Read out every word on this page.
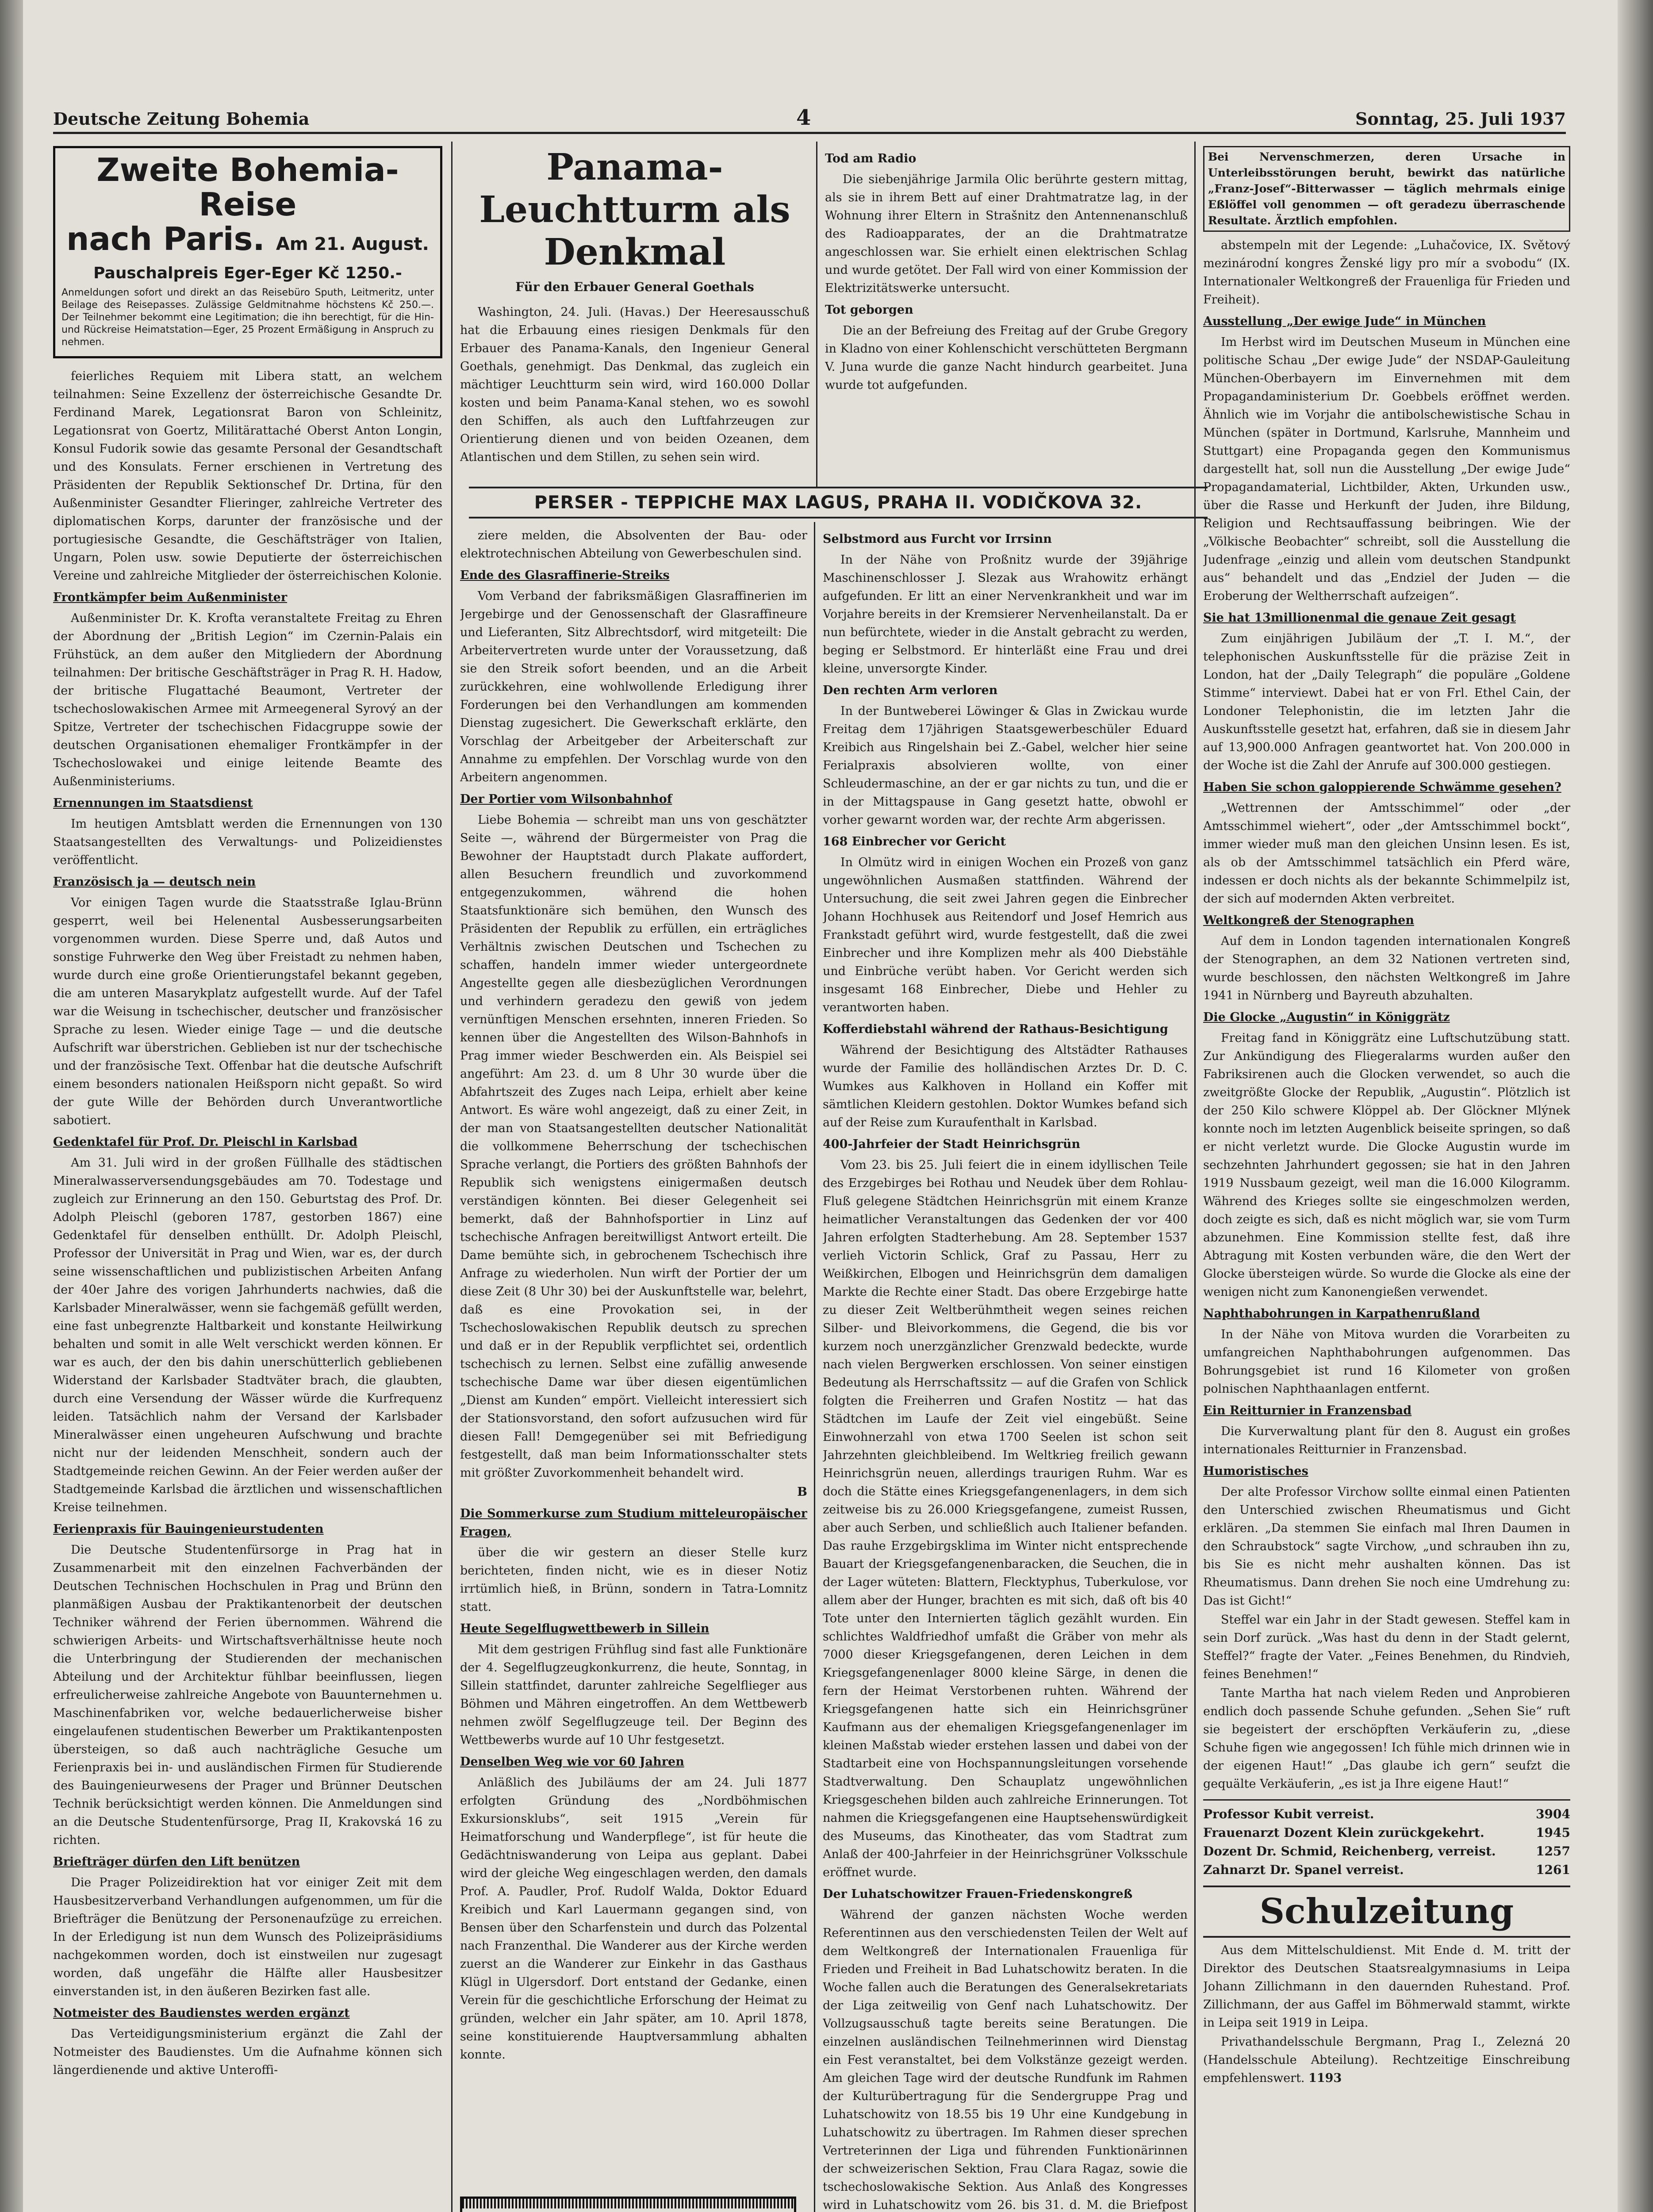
Deutsche Zeitung Bohemia	4	Sonntag, 25. Juli 1937
Zweite Bohemia-Reise
nach Paris. Am 21. August.
Pauschalpreis Eger-Eger Kč 1250.-
Anmeldungen sofort und direkt an das Reisebüro Sputh, Leitmeritz, unter Beilage des Reisepasses. Zulässige Geldmitnahme höchstens Kč 250.—. Der Teilnehmer bekommt eine Legitimation; die ihn berechtigt, für die Hin- und Rückreise Heimatstation—Eger, 25 Prozent Ermäßigung in Anspruch zu nehmen.

feierliches Requiem mit Libera statt, an welchem teilnahmen: Seine Exzellenz der österreichische Gesandte Dr. Ferdinand Marek, Legationsrat Baron von Schleinitz, Legationsrat von Goertz, Militärattaché Oberst Anton Longin, Konsul Fudorik sowie das gesamte Personal der Gesandtschaft und des Konsulats. Ferner erschienen in Vertretung des Präsidenten der Republik Sektionschef Dr. Drtina, für den Außenminister Gesandter Flieringer, zahlreiche Vertreter des diplomatischen Korps, darunter der französische und der portugiesische Gesandte, die Geschäftsträger von Italien, Ungarn, Polen usw. sowie Deputierte der österreichischen Vereine und zahlreiche Mitglieder der österreichischen Kolonie.

Frontkämpfer beim Außenminister

Außenminister Dr. K. Krofta veranstaltete Freitag zu Ehren der Abordnung der „British Legion“ im Czernin-Palais ein Frühstück, an dem außer den Mitgliedern der Abordnung teilnahmen: Der britische Geschäftsträger in Prag R. H. Hadow, der britische Flugattaché Beaumont, Vertreter der tschechoslowakischen Armee mit Armeegeneral Syrový an der Spitze, Vertreter der tschechischen Fidacgruppe sowie der deutschen Organisationen ehemaliger Frontkämpfer in der Tschechoslowakei und einige leitende Beamte des Außenministeriums.

Ernennungen im Staatsdienst

Im heutigen Amtsblatt werden die Ernennungen von 130 Staatsangestellten des Verwaltungs- und Polizeidienstes veröffentlicht.

Französisch ja — deutsch nein

Vor einigen Tagen wurde die Staatsstraße Iglau-Brünn gesperrt, weil bei Helenental Ausbesserungsarbeiten vorgenommen wurden. Diese Sperre und, daß Autos und sonstige Fuhrwerke den Weg über Freistadt zu nehmen haben, wurde durch eine große Orientierungstafel bekannt gegeben, die am unteren Masarykplatz aufgestellt wurde. Auf der Tafel war die Weisung in tschechischer, deutscher und französischer Sprache zu lesen. Wieder einige Tage — und die deutsche Aufschrift war überstrichen. Geblieben ist nur der tschechische und der französische Text. Offenbar hat die deutsche Aufschrift einem besonders nationalen Heißsporn nicht gepaßt. So wird der gute Wille der Behörden durch Unverantwortliche sabotiert.

Gedenktafel für Prof. Dr. Pleischl in Karlsbad

Am 31. Juli wird in der großen Füllhalle des städtischen Mineralwasserversendungsgebäudes am 70. Todestage und zugleich zur Erinnerung an den 150. Geburtstag des Prof. Dr. Adolph Pleischl (geboren 1787, gestorben 1867) eine Gedenktafel für denselben enthüllt. Dr. Adolph Pleischl, Professor der Universität in Prag und Wien, war es, der durch seine wissenschaftlichen und publizistischen Arbeiten Anfang der 40er Jahre des vorigen Jahrhunderts nachwies, daß die Karlsbader Mineralwässer, wenn sie fachgemäß gefüllt werden, eine fast unbegrenzte Haltbarkeit und konstante Heilwirkung behalten und somit in alle Welt verschickt werden können. Er war es auch, der den bis dahin unerschütterlich gebliebenen Widerstand der Karlsbader Stadtväter brach, die glaubten, durch eine Versendung der Wässer würde die Kurfrequenz leiden. Tatsächlich nahm der Versand der Karlsbader Mineralwässer einen ungeheuren Aufschwung und brachte nicht nur der leidenden Menschheit, sondern auch der Stadtgemeinde reichen Gewinn. An der Feier werden außer der Stadtgemeinde Karlsbad die ärztlichen und wissenschaftlichen Kreise teilnehmen.

Ferienpraxis für Bauingenieurstudenten

Die Deutsche Studentenfürsorge in Prag hat in Zusammenarbeit mit den einzelnen Fachverbänden der Deutschen Technischen Hochschulen in Prag und Brünn den planmäßigen Ausbau der Praktikantenorbeit der deutschen Techniker während der Ferien übernommen. Während die schwierigen Arbeits- und Wirtschaftsverhältnisse heute noch die Unterbringung der Studierenden der mechanischen Abteilung und der Architektur fühlbar beeinflussen, liegen erfreulicherweise zahlreiche Angebote von Bauunternehmen u. Maschinenfabriken vor, welche bedauerlicherweise bisher eingelaufenen studentischen Bewerber um Praktikantenposten übersteigen, so daß auch nachträgliche Gesuche um Ferienpraxis bei in- und ausländischen Firmen für Studierende des Bauingenieurwesens der Prager und Brünner Deutschen Technik berücksichtigt werden können. Die Anmeldungen sind an die Deutsche Studentenfürsorge, Prag II, Krakovská 16 zu richten.

Briefträger dürfen den Lift benützen

Die Prager Polizeidirektion hat vor einiger Zeit mit dem Hausbesitzerverband Verhandlungen aufgenommen, um für die Briefträger die Benützung der Personenaufzüge zu erreichen. In der Erledigung ist nun dem Wunsch des Polizeipräsidiums nachgekommen worden, doch ist einstweilen nur zugesagt worden, daß ungefähr die Hälfte aller Hausbesitzer einverstanden ist, in den äußeren Bezirken fast alle.

Notmeister des Baudienstes werden ergänzt

Das Verteidigungsministerium ergänzt die Zahl der Notmeister des Baudienstes. Um die Aufnahme können sich längerdienende und aktive Unteroffi-

Panama-Leuchtturm als Denkmal
Für den Erbauer General Goethals

Washington, 24. Juli. (Havas.) Der Heeresausschuß hat die Erbauung eines riesigen Denkmals für den Erbauer des Panama-Kanals, den Ingenieur General Goethals, genehmigt. Das Denkmal, das zugleich ein mächtiger Leuchtturm sein wird, wird 160.000 Dollar kosten und beim Panama-Kanal stehen, wo es sowohl den Schiffen, als auch den Luftfahrzeugen zur Orientierung dienen und von beiden Ozeanen, dem Atlantischen und dem Stillen, zu sehen sein wird.

Tod am Radio

Die siebenjährige Jarmila Olic berührte gestern mittag, als sie in ihrem Bett auf einer Drahtmatratze lag, in der Wohnung ihrer Eltern in Strašnitz den Antennenanschluß des Radioapparates, der an die Drahtmatratze angeschlossen war. Sie erhielt einen elektrischen Schlag und wurde getötet. Der Fall wird von einer Kommission der Elektrizitätswerke untersucht.

Tot geborgen

Die an der Befreiung des Freitag auf der Grube Gregory in Kladno von einer Kohlenschicht verschütteten Bergmann V. Juna wurde die ganze Nacht hindurch gearbeitet. Juna wurde tot aufgefunden.

PERSER - TEPPICHE MAX LAGUS, PRAHA II. VODIČKOVA 32.

ziere melden, die Absolventen der Bau- oder elektrotechnischen Abteilung von Gewerbeschulen sind.

Ende des Glasraffinerie-Streiks

Vom Verband der fabriksmäßigen Glasraffinerien im Jergebirge und der Genossenschaft der Glasraffineure und Lieferanten, Sitz Albrechtsdorf, wird mitgeteilt: Die Arbeitervertreten wurde unter der Voraussetzung, daß sie den Streik sofort beenden, und an die Arbeit zurückkehren, eine wohlwollende Erledigung ihrer Forderungen bei den Verhandlungen am kommenden Dienstag zugesichert. Die Gewerkschaft erklärte, den Vorschlag der Arbeitgeber der Arbeiterschaft zur Annahme zu empfehlen. Der Vorschlag wurde von den Arbeitern angenommen.

Der Portier vom Wilsonbahnhof

Liebe Bohemia — schreibt man uns von geschätzter Seite —, während der Bürgermeister von Prag die Bewohner der Hauptstadt durch Plakate auffordert, allen Besuchern freundlich und zuvorkommend entgegenzukommen, während die hohen Staatsfunktionäre sich bemühen, den Wunsch des Präsidenten der Republik zu erfüllen, ein erträgliches Verhältnis zwischen Deutschen und Tschechen zu schaffen, handeln immer wieder untergeordnete Angestellte gegen alle diesbezüglichen Verordnungen und verhindern geradezu den gewiß von jedem vernünftigen Menschen ersehnten, inneren Frieden. So kennen über die Angestellten des Wilson-Bahnhofs in Prag immer wieder Beschwerden ein. Als Beispiel sei angeführt: Am 23. d. um 8 Uhr 30 wurde über die Abfahrtszeit des Zuges nach Leipa, erhielt aber keine Antwort. Es wäre wohl angezeigt, daß zu einer Zeit, in der man von Staatsangestellten deutscher Nationalität die vollkommene Beherrschung der tschechischen Sprache verlangt, die Portiers des größten Bahnhofs der Republik sich wenigstens einigermaßen deutsch verständigen könnten. Bei dieser Gelegenheit sei bemerkt, daß der Bahnhofsportier in Linz auf tschechische Anfragen bereitwilligst Antwort erteilt. Die Dame bemühte sich, in gebrochenem Tschechisch ihre Anfrage zu wiederholen. Nun wirft der Portier der um diese Zeit (8 Uhr 30) bei der Auskunftstelle war, belehrt, daß es eine Provokation sei, in der Tschechoslowakischen Republik deutsch zu sprechen und daß er in der Republik verpflichtet sei, ordentlich tschechisch zu lernen. Selbst eine zufällig anwesende tschechische Dame war über diesen eigentümlichen „Dienst am Kunden“ empört. Vielleicht interessiert sich der Stationsvorstand, den sofort aufzusuchen wird für diesen Fall! Demgegenüber sei mit Befriedigung festgestellt, daß man beim Informationsschalter stets mit größter Zuvorkommenheit behandelt wird.

B
Die Sommerkurse zum Studium mitteleuropäischer Fragen,

über die wir gestern an dieser Stelle kurz berichteten, finden nicht, wie es in dieser Notiz irrtümlich hieß, in Brünn, sondern in Tatra-Lomnitz statt.

Heute Segelflugwettbewerb in Sillein

Mit dem gestrigen Frühflug sind fast alle Funktionäre der 4. Segelflugzeugkonkurrenz, die heute, Sonntag, in Sillein stattfindet, darunter zahlreiche Segelflieger aus Böhmen und Mähren eingetroffen. An dem Wettbewerb nehmen zwölf Segelflugzeuge teil. Der Beginn des Wettbewerbs wurde auf 10 Uhr festgesetzt.

Denselben Weg wie vor 60 Jahren

Anläßlich des Jubiläums der am 24. Juli 1877 erfolgten Gründung des „Nordböhmischen Exkursionsklubs“, seit 1915 „Verein für Heimatforschung und Wanderpflege“, ist für heute die Gedächtniswanderung von Leipa aus geplant. Dabei wird der gleiche Weg eingeschlagen werden, den damals Prof. A. Paudler, Prof. Rudolf Walda, Doktor Eduard Kreibich und Karl Lauermann gegangen sind, von Bensen über den Scharfenstein und durch das Polzental nach Franzenthal. Die Wanderer aus der Kirche werden zuerst an die Wanderer zur Einkehr in das Gasthaus Klügl in Ulgersdorf. Dort entstand der Gedanke, einen Verein für die geschichtliche Erforschung der Heimat zu gründen, welcher ein Jahr später, am 10. April 1878, seine konstituierende Hauptversammlung abhalten konnte.

Selbstmord aus Furcht vor Irrsinn

In der Nähe von Proßnitz wurde der 39jährige Maschinenschlosser J. Slezak aus Wrahowitz erhängt aufgefunden. Er litt an einer Nervenkrankheit und war im Vorjahre bereits in der Kremsierer Nervenheilanstalt. Da er nun befürchtete, wieder in die Anstalt gebracht zu werden, beging er Selbstmord. Er hinterläßt eine Frau und drei kleine, unversorgte Kinder.

Den rechten Arm verloren

In der Buntweberei Löwinger & Glas in Zwickau wurde Freitag dem 17jährigen Staatsgewerbeschüler Eduard Kreibich aus Ringelshain bei Z.-Gabel, welcher hier seine Ferialpraxis absolvieren wollte, von einer Schleudermaschine, an der er gar nichts zu tun, und die er in der Mittagspause in Gang gesetzt hatte, obwohl er vorher gewarnt worden war, der rechte Arm abgerissen.

168 Einbrecher vor Gericht

In Olmütz wird in einigen Wochen ein Prozeß von ganz ungewöhnlichen Ausmaßen stattfinden. Während der Untersuchung, die seit zwei Jahren gegen die Einbrecher Johann Hochhusek aus Reitendorf und Josef Hemrich aus Frankstadt geführt wird, wurde festgestellt, daß die zwei Einbrecher und ihre Komplizen mehr als 400 Diebstähle und Einbrüche verübt haben. Vor Gericht werden sich insgesamt 168 Einbrecher, Diebe und Hehler zu verantworten haben.

Kofferdiebstahl während der Rathaus-Besichtigung

Während der Besichtigung des Altstädter Rathauses wurde der Familie des holländischen Arztes Dr. D. C. Wumkes aus Kalkhoven in Holland ein Koffer mit sämtlichen Kleidern gestohlen. Doktor Wumkes befand sich auf der Reise zum Kuraufenthalt in Karlsbad.

400-Jahrfeier der Stadt Heinrichsgrün

Vom 23. bis 25. Juli feiert die in einem idyllischen Teile des Erzgebirges bei Rothau und Neudek über dem Rohlau-Fluß gelegene Städtchen Heinrichsgrün mit einem Kranze heimatlicher Veranstaltungen das Gedenken der vor 400 Jahren erfolgten Stadterhebung. Am 28. September 1537 verlieh Victorin Schlick, Graf zu Passau, Herr zu Weißkirchen, Elbogen und Heinrichsgrün dem damaligen Markte die Rechte einer Stadt. Das obere Erzgebirge hatte zu dieser Zeit Weltberühmtheit wegen seines reichen Silber- und Bleivorkommens, die Gegend, die bis vor kurzem noch unerzgänzlicher Grenzwald bedeckte, wurde nach vielen Bergwerken erschlossen. Von seiner einstigen Bedeutung als Herrschaftssitz — auf die Grafen von Schlick folgten die Freiherren und Grafen Nostitz — hat das Städtchen im Laufe der Zeit viel eingebüßt. Seine Einwohnerzahl von etwa 1700 Seelen ist schon seit Jahrzehnten gleichbleibend. Im Weltkrieg freilich gewann Heinrichsgrün neuen, allerdings traurigen Ruhm. War es doch die Stätte eines Kriegsgefangenenlagers, in dem sich zeitweise bis zu 26.000 Kriegsgefangene, zumeist Russen, aber auch Serben, und schließlich auch Italiener befanden. Das rauhe Erzgebirgsklima im Winter nicht entsprechende Bauart der Kriegsgefangenenbaracken, die Seuchen, die in der Lager wüteten: Blattern, Flecktyphus, Tuberkulose, vor allem aber der Hunger, brachten es mit sich, daß oft bis 40 Tote unter den Internierten täglich gezählt wurden. Ein schlichtes Waldfriedhof umfaßt die Gräber von mehr als 7000 dieser Kriegsgefangenen, deren Leichen in dem Kriegsgefangenenlager 8000 kleine Särge, in denen die fern der Heimat Verstorbenen ruhten. Während der Kriegsgefangenen hatte sich ein Heinrichsgrüner Kaufmann aus der ehemaligen Kriegsgefangenenlager im kleinen Maßstab wieder erstehen lassen und dabei von der Stadtarbeit eine von Hochspannungsleitungen vorsehende Stadtverwaltung. Den Schauplatz ungewöhnlichen Kriegsgeschehen bilden auch zahlreiche Erinnerungen. Tot nahmen die Kriegsgefangenen eine Hauptsehenswürdigkeit des Museums, das Kinotheater, das vom Stadtrat zum Anlaß der 400-Jahrfeier in der Heinrichsgrüner Volksschule eröffnet wurde.

Der Luhatschowitzer Frauen-Friedenskongreß

Während der ganzen nächsten Woche werden Referentinnen aus den verschiedensten Teilen der Welt auf dem Weltkongreß der Internationalen Frauenliga für Frieden und Freiheit in Bad Luhatschowitz beraten. In die Woche fallen auch die Beratungen des Generalsekretariats der Liga zeitweilig von Genf nach Luhatschowitz. Der Vollzugsausschuß tagte bereits seine Beratungen. Die einzelnen ausländischen Teilnehmerinnen wird Dienstag ein Fest veranstaltet, bei dem Volkstänze gezeigt werden. Am gleichen Tage wird der deutsche Rundfunk im Rahmen der Kulturübertragung für die Sendergruppe Prag und Luhatschowitz von 18.55 bis 19 Uhr eine Kundgebung in Luhatschowitz zu übertragen. Im Rahmen dieser sprechen Vertreterinnen der Liga und führenden Funktionärinnen der schweizerischen Sektion, Frau Clara Ragaz, sowie die tschechoslowakische Sektion. Aus Anlaß des Kongresses wird in Luhatschowitz vom 26. bis 31. d. M. die Briefpost

Bei Nervenschmerzen, deren Ursache in Unterleibsstörungen beruht, bewirkt das natürliche „Franz-Josef“-Bitterwasser — täglich mehrmals einige Eßlöffel voll genommen — oft geradezu überraschende Resultate. Ärztlich empfohlen.

abstempeln mit der Legende: „Luhačovice, IX. Světový mezinárodní kongres Ženské ligy pro mír a svobodu“ (IX. Internationaler Weltkongreß der Frauenliga für Frieden und Freiheit).

Ausstellung „Der ewige Jude“ in München

Im Herbst wird im Deutschen Museum in München eine politische Schau „Der ewige Jude“ der NSDAP-Gauleitung München-Oberbayern im Einvernehmen mit dem Propagandaministerium Dr. Goebbels eröffnet werden. Ähnlich wie im Vorjahr die antibolschewistische Schau in München (später in Dortmund, Karlsruhe, Mannheim und Stuttgart) eine Propaganda gegen den Kommunismus dargestellt hat, soll nun die Ausstellung „Der ewige Jude“ Propagandamaterial, Lichtbilder, Akten, Urkunden usw., über die Rasse und Herkunft der Juden, ihre Bildung, Religion und Rechtsauffassung beibringen. Wie der „Völkische Beobachter“ schreibt, soll die Ausstellung die Judenfrage „einzig und allein vom deutschen Standpunkt aus“ behandelt und das „Endziel der Juden — die Eroberung der Weltherrschaft aufzeigen“.

Sie hat 13millionenmal die genaue Zeit gesagt

Zum einjährigen Jubiläum der „T. I. M.“, der telephonischen Auskunftsstelle für die präzise Zeit in London, hat der „Daily Telegraph“ die populäre „Goldene Stimme“ interviewt. Dabei hat er von Frl. Ethel Cain, der Londoner Telephonistin, die im letzten Jahr die Auskunftsstelle gesetzt hat, erfahren, daß sie in diesem Jahr auf 13,900.000 Anfragen geantwortet hat. Von 200.000 in der Woche ist die Zahl der Anrufe auf 300.000 gestiegen.

Haben Sie schon galoppierende Schwämme gesehen?

„Wettrennen der Amtsschimmel“ oder „der Amtsschimmel wiehert“, oder „der Amtsschimmel bockt“, immer wieder muß man den gleichen Unsinn lesen. Es ist, als ob der Amtsschimmel tatsächlich ein Pferd wäre, indessen er doch nichts als der bekannte Schimmelpilz ist, der sich auf modernden Akten verbreitet.

Weltkongreß der Stenographen

Auf dem in London tagenden internationalen Kongreß der Stenographen, an dem 32 Nationen vertreten sind, wurde beschlossen, den nächsten Weltkongreß im Jahre 1941 in Nürnberg und Bayreuth abzuhalten.

Die Glocke „Augustin“ in Königgrätz

Freitag fand in Königgrätz eine Luftschutzübung statt. Zur Ankündigung des Fliegeralarms wurden außer den Fabriksirenen auch die Glocken verwendet, so auch die zweitgrößte Glocke der Republik, „Augustin“. Plötzlich ist der 250 Kilo schwere Klöppel ab. Der Glöckner Mlýnek konnte noch im letzten Augenblick beiseite springen, so daß er nicht verletzt wurde. Die Glocke Augustin wurde im sechzehnten Jahrhundert gegossen; sie hat in den Jahren 1919 Nussbaum gezeigt, weil man die 16.000 Kilogramm. Während des Krieges sollte sie eingeschmolzen werden, doch zeigte es sich, daß es nicht möglich war, sie vom Turm abzunehmen. Eine Kommission stellte fest, daß ihre Abtragung mit Kosten verbunden wäre, die den Wert der Glocke übersteigen würde. So wurde die Glocke als eine der wenigen nicht zum Kanonengießen verwendet.

Naphthabohrungen in Karpathenrußland

In der Nähe von Mitova wurden die Vorarbeiten zu umfangreichen Naphthabohrungen aufgenommen. Das Bohrungsgebiet ist rund 16 Kilometer von großen polnischen Naphthaanlagen entfernt.

Ein Reitturnier in Franzensbad

Die Kurverwaltung plant für den 8. August ein großes internationales Reitturnier in Franzensbad.

Humoristisches

Der alte Professor Virchow sollte einmal einen Patienten den Unterschied zwischen Rheumatismus und Gicht erklären. „Da stemmen Sie einfach mal Ihren Daumen in den Schraubstock“ sagte Virchow, „und schrauben ihn zu, bis Sie es nicht mehr aushalten können. Das ist Rheumatismus. Dann drehen Sie noch eine Umdrehung zu: Das ist Gicht!“

Steffel war ein Jahr in der Stadt gewesen. Steffel kam in sein Dorf zurück. „Was hast du denn in der Stadt gelernt, Steffel?“ fragte der Vater. „Feines Benehmen, du Rindvieh, feines Benehmen!“

Tante Martha hat nach vielem Reden und Anprobieren endlich doch passende Schuhe gefunden. „Sehen Sie“ ruft sie begeistert der erschöpften Verkäuferin zu, „diese Schuhe figen wie angegossen! Ich fühle mich drinnen wie in der eigenen Haut!“ „Das glaube ich gern“ seufzt die gequälte Verkäuferin, „es ist ja Ihre eigene Haut!“

Professor Kubit verreist.	3904
Frauenarzt Dozent Klein zurückgekehrt.	1945
Dozent Dr. Schmid, Reichenberg, verreist.	1257
Zahnarzt Dr. Spanel verreist.	1261
Schulzeitung

Aus dem Mittelschuldienst. Mit Ende d. M. tritt der Direktor des Deutschen Staatsrealgymnasiums in Leipa Johann Zillichmann in den dauernden Ruhestand. Prof. Zillichmann, der aus Gaffel im Böhmerwald stammt, wirkte in Leipa seit 1919 in Leipa.

Privathandelsschule Bergmann, Prag I., Zelezná 20 (Handelsschule Abteilung). Rechtzeitige Einschreibung empfehlenswert. 1193
